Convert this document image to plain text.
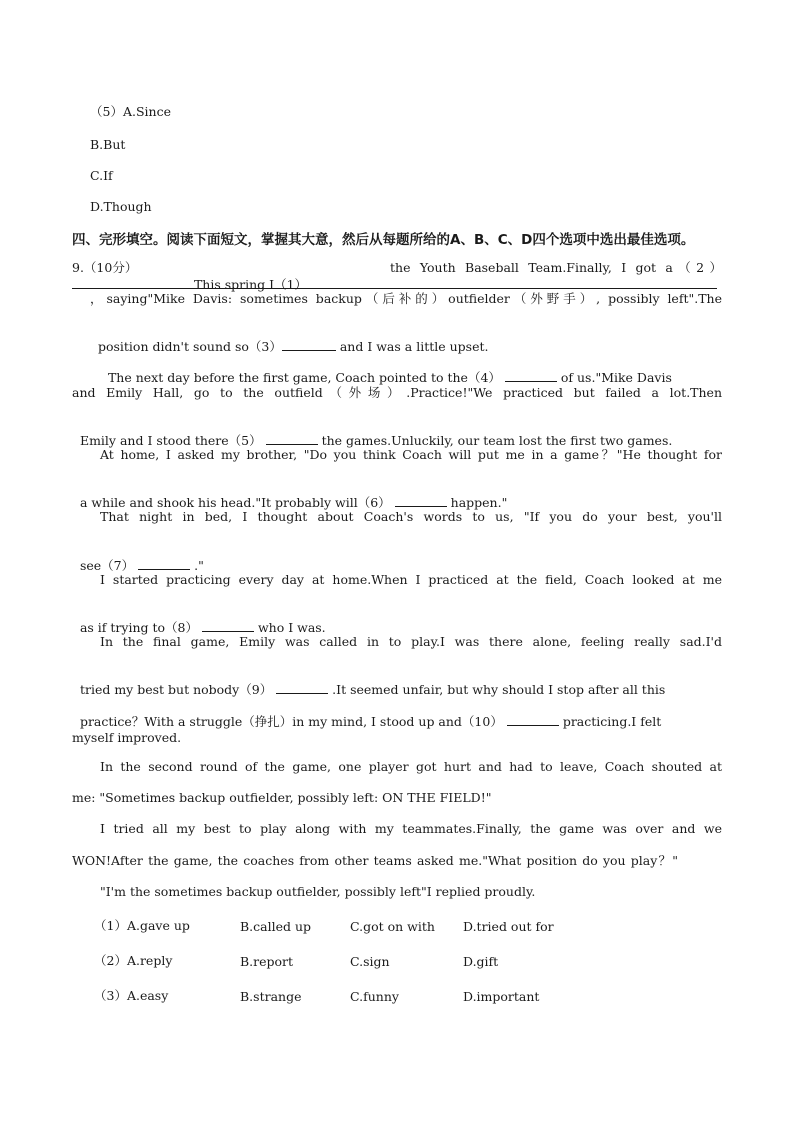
（5）A.Since
B.But
C.If
D.Though
四、完形填空。阅读下面短文，掌握其大意，然后从每题所给的A、B、C、D四个选项中选出最佳选项。
9.（10分）

This spring I（1）

the Youth Baseball Team.Finally, I got a（2）
，saying"Mike Davis: sometimes backup（后补的）outfielder（外野手）, possibly left".The

position didn't sound so（3）	and I was a little upset.

The next day before the first game, Coach pointed to the（4）	of us."Mike Davis

and Emily Hall, go to the outfield（外场）.Practice!"We practiced but failed a lot.Then

Emily and I stood there（5）	the games.Unluckily, our team lost the first two games.

At home, I asked my brother, "Do you think Coach will put me in a game？"He thought for

a while and shook his head."It probably will（6）	happen."

That night in bed, I thought about Coach's words to us, "If you do your best, you'll

see（7）	."

I started practicing every day at home.When I practiced at the field, Coach looked at me

as if trying to（8）	who I was.

In the final game, Emily was called in to play.I was there alone, feeling really sad.I'd

tried my best but nobody（9）	.It seemed unfair, but why should I stop after all this

practice？With a struggle（挣扎）in my mind, I stood up and（10）	practicing.I felt

myself improved.
In the second round of the game, one player got hurt and had to leave, Coach shouted at
me: "Sometimes backup outfielder, possibly left: ON THE FIELD!"
I tried all my best to play along with my teammates.Finally, the game was over and we
WON!After the game, the coaches from other teams asked me."What position do you play？"
"I'm the sometimes backup outfielder, possibly left"I replied proudly.
（1）A.gave up	B.called up	C.got on with D.tried out for
（2）A.reply	B.report	C.sign	D.gift
（3）A.easy	B.strange	C.funny	D.important
